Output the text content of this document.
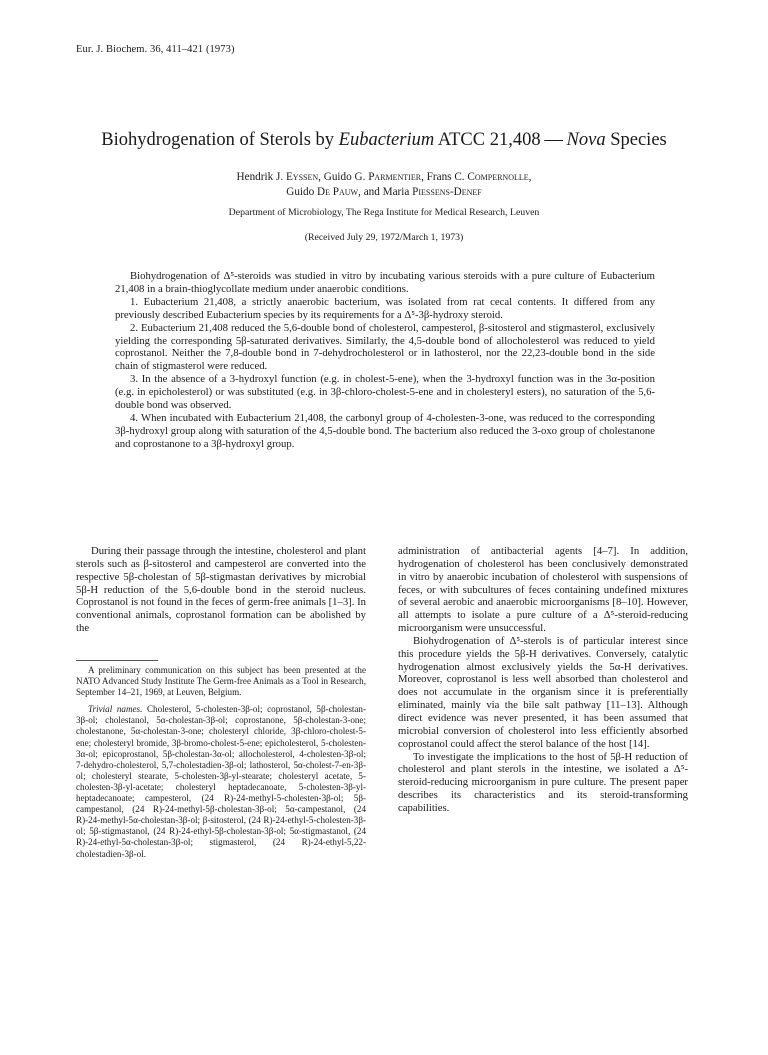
Eur. J. Biochem. 36, 411–421 (1973)
Biohydrogenation of Sterols by Eubacterium ATCC 21,408 — Nova Species
Hendrik J. Eyssen, Guido G. Parmentier, Frans C. Compernolle,
Guido De Pauw, and Maria Piessens-Denef
Department of Microbiology, The Rega Institute for Medical Research, Leuven
(Received July 29, 1972/March 1, 1973)

Biohydrogenation of Δ⁵-steroids was studied in vitro by incubating various steroids with a pure culture of Eubacterium 21,408 in a brain-thioglycollate medium under anaerobic conditions.

1. Eubacterium 21,408, a strictly anaerobic bacterium, was isolated from rat cecal contents. It differed from any previously described Eubacterium species by its requirements for a Δ⁵-3β-hydroxy steroid.

2. Eubacterium 21,408 reduced the 5,6-double bond of cholesterol, campesterol, β-sitosterol and stigmasterol, exclusively yielding the corresponding 5β-saturated derivatives. Similarly, the 4,5-double bond of allocholesterol was reduced to yield coprostanol. Neither the 7,8-double bond in 7-dehydrocholesterol or in lathosterol, nor the 22,23-double bond in the side chain of stigmasterol were reduced.

3. In the absence of a 3-hydroxyl function (e.g. in cholest-5-ene), when the 3-hydroxyl function was in the 3α-position (e.g. in epicholesterol) or was substituted (e.g. in 3β-chloro-cholest-5-ene and in cholesteryl esters), no saturation of the 5,6-double bond was observed.

4. When incubated with Eubacterium 21,408, the carbonyl group of 4-cholesten-3-one, was reduced to the corresponding 3β-hydroxyl group along with saturation of the 4,5-double bond. The bacterium also reduced the 3-oxo group of cholestanone and coprostanone to a 3β-hydroxyl group.

During their passage through the intestine, cholesterol and plant sterols such as β-sitosterol and campesterol are converted into the respective 5β-cholestan of 5β-stigmastan derivatives by microbial 5β-H reduction of the 5,6-double bond in the steroid nucleus. Coprostanol is not found in the feces of germ-free animals [1–3]. In conventional animals, coprostanol formation can be abolished by the

A preliminary communication on this subject has been presented at the NATO Advanced Study Institute The Germ-free Animals as a Tool in Research, September 14–21, 1969, at Leuven, Belgium.

Trivial names. Cholesterol, 5-cholesten-3β-ol; coprostanol, 5β-cholestan-3β-ol; cholestanol, 5α-cholestan-3β-ol; coprostanone, 5β-cholestan-3-one; cholestanone, 5α-cholestan-3-one; cholesteryl chloride, 3β-chloro-cholest-5-ene; cholesteryl bromide, 3β-bromo-cholest-5-ene; epicholesterol, 5-cholesten-3α-ol; epicoprostanol, 5β-cholestan-3α-ol; allocholesterol, 4-cholesten-3β-ol; 7-dehydro-cholesterol, 5,7-cholestadien-3β-ol; lathosterol, 5α-cholest-7-en-3β-ol; cholesteryl stearate, 5-cholesten-3β-yl-stearate; cholesteryl acetate, 5-cholesten-3β-yl-acetate; cholesteryl heptadecanoate, 5-cholesten-3β-yl-heptadecanoate; campesterol, (24 R)-24-methyl-5-cholesten-3β-ol; 5β-campestanol, (24 R)-24-methyl-5β-cholestan-3β-ol; 5α-campestanol, (24 R)-24-methyl-5α-cholestan-3β-ol; β-sitosterol, (24 R)-24-ethyl-5-cholesten-3β-ol; 5β-stigmastanol, (24 R)-24-ethyl-5β-cholestan-3β-ol; 5α-stigmastanol, (24 R)-24-ethyl-5α-cholestan-3β-ol; stigmasterol, (24 R)-24-ethyl-5,22-cholestadien-3β-ol.

administration of antibacterial agents [4–7]. In addition, hydrogenation of cholesterol has been conclusively demonstrated in vitro by anaerobic incubation of cholesterol with suspensions of feces, or with subcultures of feces containing undefined mixtures of several aerobic and anaerobic microorganisms [8–10]. However, all attempts to isolate a pure culture of a Δ⁵-steroid-reducing microorganism were unsuccessful.

Biohydrogenation of Δ⁵-sterols is of particular interest since this procedure yields the 5β-H derivatives. Conversely, catalytic hydrogenation almost exclusively yields the 5α-H derivatives. Moreover, coprostanol is less well absorbed than cholesterol and does not accumulate in the organism since it is preferentially eliminated, mainly via the bile salt pathway [11–13]. Although direct evidence was never presented, it has been assumed that microbial conversion of cholesterol into less efficiently absorbed coprostanol could affect the sterol balance of the host [14].

To investigate the implications to the host of 5β-H reduction of cholesterol and plant sterols in the intestine, we isolated a Δ⁵-steroid-reducing microorganism in pure culture. The present paper describes its characteristics and its steroid-transforming capabilities.
